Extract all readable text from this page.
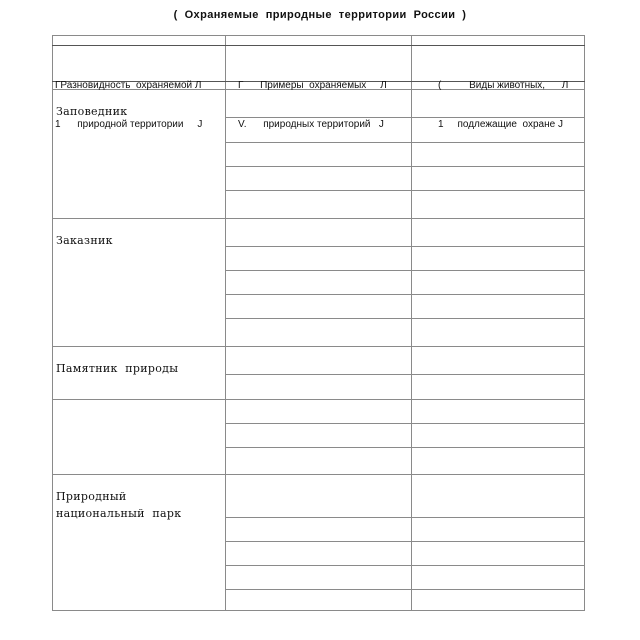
(  Охраняемые  природные  территории  России  )

ГРазновидность  охраняемой Л

1      природной территории     J

Г      Примеры  охраняемых     Л

V.      природных территорий   J

(          Виды животных,      Л

1     подлежащие  охране J

Заповедник
Заказник
Памятник  природы
Природный
национальный  парк
